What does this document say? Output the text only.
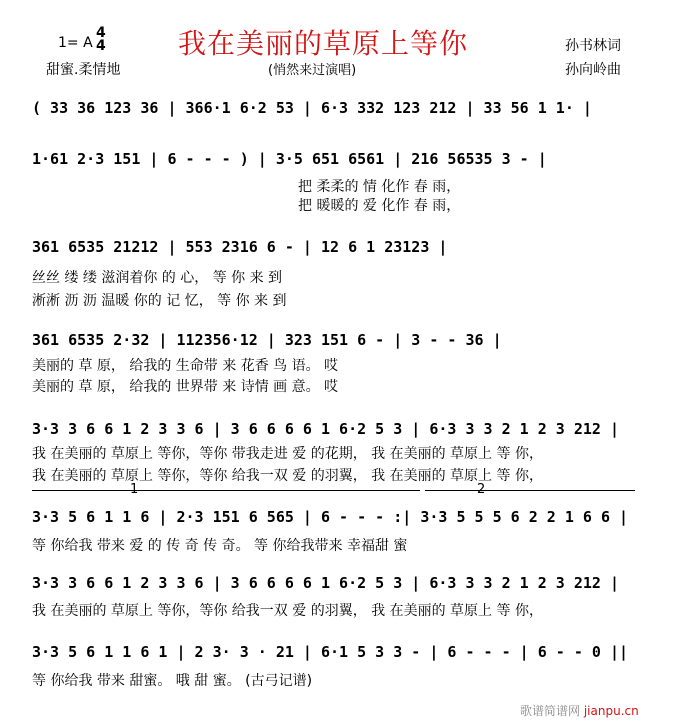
1= A
4
4	我在美丽的草原上等你	孙书林词
甜蜜.柔情地	(悄然来过演唱)	孙向岭曲
( 33 36 123 36 | 366·1 6·2 53 | 6·3 332 123 212 | 33 56 1 1· |
1·61 2·3 151 | 6 - - - ) | 3·5 651 6561 | 216 56535 3 - |
把 柔柔的 情 化作 春 雨，
把 暖暖的 爱 化作 春 雨，
361 6535 21212 | 553 2316 6 - | 12 6 1 23123 |
丝丝 缕 缕 滋润着你 的 心， 等 你 来 到
淅淅 沥 沥 温暖 你的 记 忆， 等 你 来 到
361 6535 2·32 | 112356·12 | 323 151 6 - | 3 - - 36 |
美丽的 草 原， 给我的 生命带 来 花香 鸟 语。 哎
美丽的 草 原， 给我的 世界带 来 诗情 画 意。 哎
3·3 3 6 6 1 2 3 3 6 | 3 6 6 6 6 1 6·2 5 3 | 6·3 3 3 2 1 2 3 212 |
我 在美丽的 草原上 等你，等你 带我走进 爱 的花期， 我 在美丽的 草原上 等 你，
我 在美丽的 草原上 等你，等你 给我一双 爱 的羽翼， 我 在美丽的 草原上 等 你，
1	2
3·3 5 6 1 1 6 | 2·3 151 6 565 | 6 - - - :| 3·3 5 5 5 6 2 2 1 6 6 |
等 你给我 带来 爱 的 传 奇 传 奇。 等 你给我带来 幸福甜 蜜
3·3 3 6 6 1 2 3 3 6 | 3 6 6 6 6 1 6·2 5 3 | 6·3 3 3 2 1 2 3 212 |
我 在美丽的 草原上 等你，等你 给我一双 爱 的羽翼， 我 在美丽的 草原上 等 你，
3·3 5 6 1 1 6 1 | 2 3· 3 · 21 | 6·1 5 3 3 - | 6 - - - | 6 - - 0 ||
等 你给我 带来 甜蜜。 哦 甜 蜜。 (古弓记谱)
歌谱简谱网 jianpu.cn
